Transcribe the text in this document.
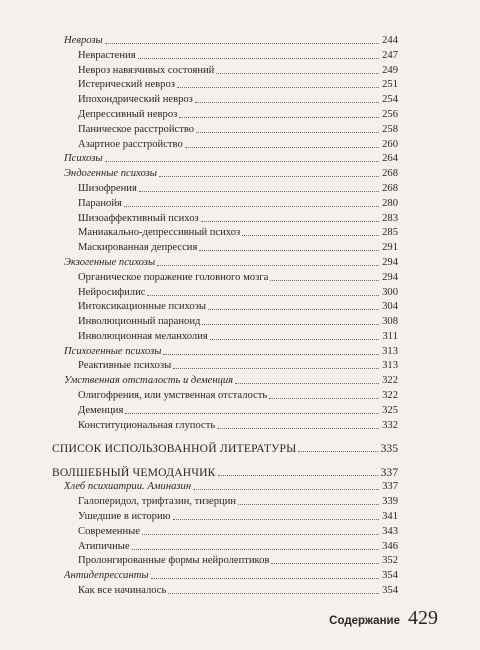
Неврозы	244
Неврастения	247
Невроз навязчивых состояний	249
Истерический невроз	251
Ипохондрический невроз	254
Депрессивный невроз	256
Паническое расстройство	258
Азартное расстройство	260
Психозы	264
Эндогенные психозы	268
Шизофрения	268
Паранойя	280
Шизоаффективный психоз	283
Маниакально-депрессивный психоз	285
Маскированная депрессия	291
Экзогенные психозы	294
Органическое поражение головного мозга	294
Нейросифилис	300
Интоксикационные психозы	304
Инволюционный параноид	308
Инволюционная меланхолия	311
Психогенные психозы	313
Реактивные психозы	313
Умственная отсталость и деменция	322
Олигофрения, или умственная отсталость	322
Деменция	325
Конституциональная глупость	332
СПИСОК ИСПОЛЬЗОВАННОЙ ЛИТЕРАТУРЫ	335
ВОЛШЕБНЫЙ ЧЕМОДАНЧИК	337
Хлеб психиатрии. Аминазин	337
Галоперидол, трифтазин, тизерцин	339
Ушедшие в историю	341
Современные	343
Атипичные	346
Пролонгированные формы нейролептиков	352
Антидепрессанты	354
Как все начиналось	354
Содержание 429
